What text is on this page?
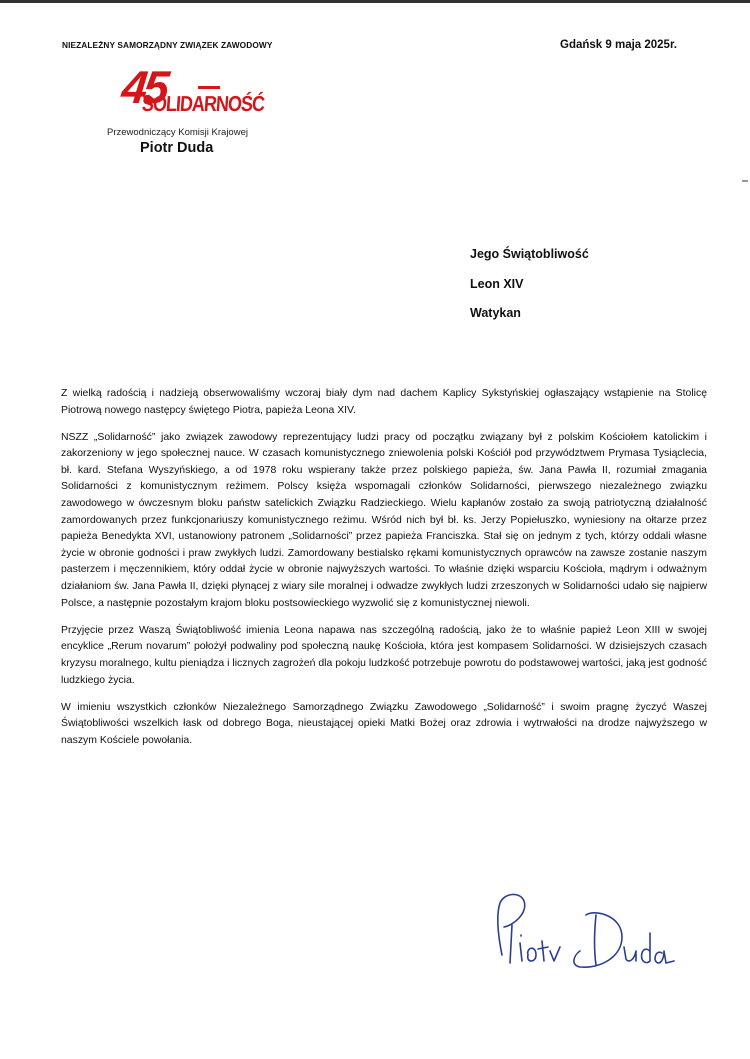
NIEZALEŻNY SAMORZĄDNY ZWIĄZEK ZAWODOWY
45
SOLIDARNOŚĆ
Przewodniczący Komisji Krajowej
Piotr Duda
Gdańsk 9 maja 2025r.
Jego Świątobliwość
Leon XIV
Watykan

Z wielką radością i nadzieją obserwowaliśmy wczoraj biały dym nad dachem Kaplicy Sykstyńskiej ogłaszający wstąpienie na Stolicę Piotrową nowego następcy świętego Piotra, papieża Leona XIV.

NSZZ „Solidarność” jako związek zawodowy reprezentujący ludzi pracy od początku związany był z polskim Kościołem katolickim i zakorzeniony w jego społecznej nauce. W czasach komunistycznego zniewolenia polski Kościół pod przywództwem Prymasa Tysiąclecia, bł. kard. Stefana Wyszyńskiego, a od 1978 roku wspierany także przez polskiego papieża, św. Jana Pawła II, rozumiał zmagania Solidarności z komunistycznym reżimem. Polscy księża wspomagali członków Solidarności, pierwszego niezależnego związku zawodowego w ówczesnym bloku państw satelickich Związku Radzieckiego. Wielu kapłanów zostało za swoją patriotyczną działalność zamordowanych przez funkcjonariuszy komunistycznego reżimu. Wśród nich był bł. ks. Jerzy Popiełuszko, wyniesiony na ołtarze przez papieża Benedykta XVI, ustanowiony patronem „Solidarności” przez papieża Franciszka. Stał się on jednym z tych, którzy oddali własne życie w obronie godności i praw zwykłych ludzi. Zamordowany bestialsko rękami komunistycznych oprawców na zawsze zostanie naszym pasterzem i męczennikiem, który oddał życie w obronie najwyższych wartości. To właśnie dzięki wsparciu Kościoła, mądrym i odważnym działaniom św. Jana Pawła II, dzięki płynącej z wiary sile moralnej i odwadze zwykłych ludzi zrzeszonych w Solidarności udało się najpierw Polsce, a następnie pozostałym krajom bloku postsowieckiego wyzwolić się z komunistycznej niewoli.

Przyjęcie przez Waszą Świątobliwość imienia Leona napawa nas szczególną radością, jako że to właśnie papież Leon XIII w swojej encyklice „Rerum novarum” położył podwaliny pod społeczną naukę Kościoła, która jest kompasem Solidarności. W dzisiejszych czasach kryzysu moralnego, kultu pieniądza i licznych zagrożeń dla pokoju ludzkość potrzebuje powrotu do podstawowej wartości, jaką jest godność ludzkiego życia.

W imieniu wszystkich członków Niezależnego Samorządnego Związku Zawodowego „Solidarność” i swoim pragnę życzyć Waszej Świątobliwości wszelkich łask od dobrego Boga, nieustającej opieki Matki Bożej oraz zdrowia i wytrwałości na drodze najwyższego w naszym Kościele powołania.
